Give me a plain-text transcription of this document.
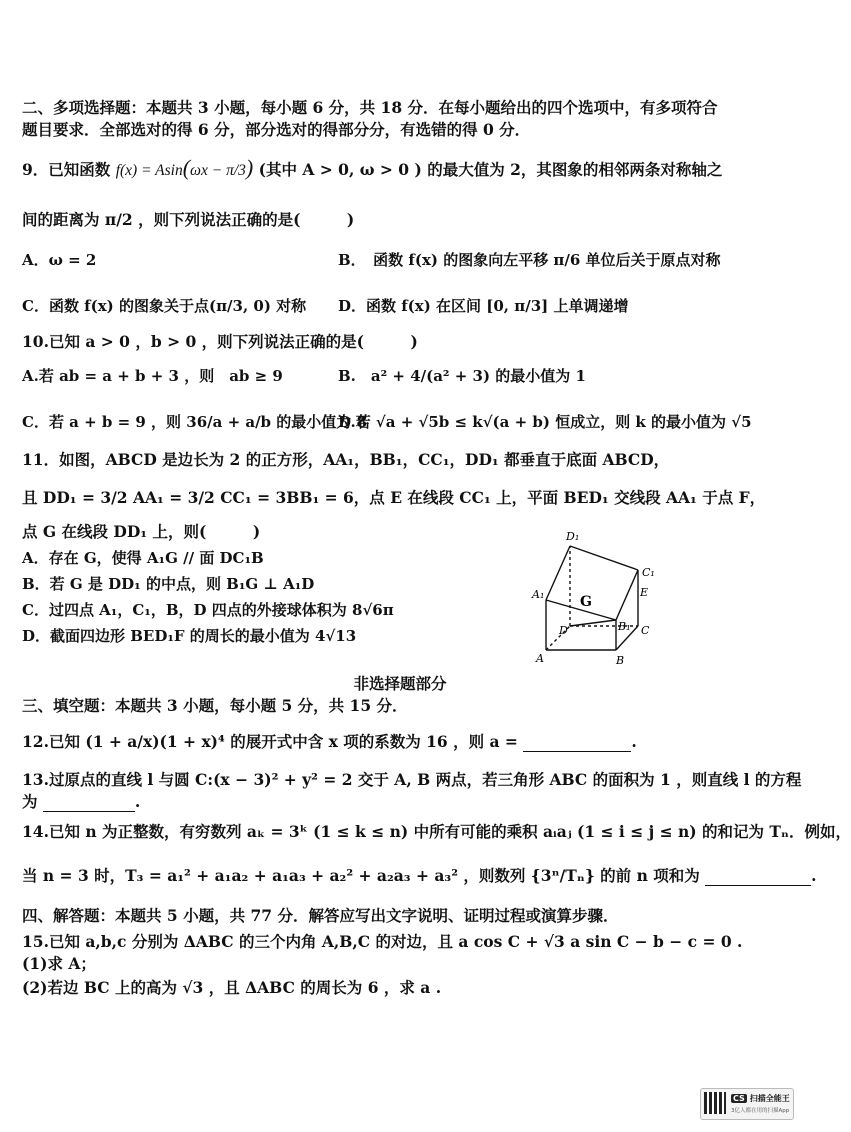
二、多项选择题：本题共 3 小题，每小题 6 分，共 18 分．在每小题给出的四个选项中，有多项符合
题目要求．全部选对的得 6 分，部分选对的得部分分，有选错的得 0 分．
9．已知函数 f(x) = Asin(ωx − π/3) (其中 A > 0, ω > 0 ) 的最大值为 2，其图象的相邻两条对称轴之
间的距离为 π/2 ，则下列说法正确的是(　　　)
A．ω = 2	B．　函数 f(x) 的图象向左平移 π/6 单位后关于原点对称
C．函数 f(x) 的图象关于点(π/3, 0) 对称 D．函数 f(x) 在区间 [0, π/3] 上单调递增
10.已知 a > 0 ，b > 0 ，则下列说法正确的是(　　　)
A.若 ab = a + b + 3 ，则　ab ≥ 9	B.　a² + 4/(a² + 3) 的最小值为 1
C．若 a + b = 9 ，则 36/a + a/b 的最小值为 8
D.若 √a + √5b ≤ k√(a + b) 恒成立，则 k 的最小值为 √5
11．如图，ABCD 是边长为 2 的正方形，AA₁，BB₁，CC₁，DD₁ 都垂直于底面 ABCD，
且 DD₁ = 3/2 AA₁ = 3/2 CC₁ = 3BB₁ = 6，点 E 在线段 CC₁ 上，平面 BED₁ 交线段 AA₁ 于点 F，
点 G 在线段 DD₁ 上，则(　　　)
A．存在 G，使得 A₁G // 面 DC₁B
B．若 G 是 DD₁ 的中点，则 B₁G ⊥ A₁D
C．过四点 A₁，C₁，B，D 四点的外接球体积为 8√6π
D．截面四边形 BED₁F 的周长的最小值为 4√13
D₁
C₁
A₁	G
E
D	B₁ C
A	B
非选择题部分
三、填空题：本题共 3 小题，每小题 5 分，共 15 分．
12.已知 (1 + a/x)(1 + x)⁴ 的展开式中含 x 项的系数为 16 ，则 a =	.
13.过原点的直线 l 与圆 C:(x − 3)² + y² = 2 交于 A, B 两点，若三角形 ABC 的面积为 1 ，则直线 l 的方程
为	.
14.已知 n 为正整数，有穷数列 aₖ = 3ᵏ (1 ≤ k ≤ n) 中所有可能的乘积 aᵢaⱼ (1 ≤ i ≤ j ≤ n) 的和记为 Tₙ．例如，
当 n = 3 时，T₃ = a₁² + a₁a₂ + a₁a₃ + a₂² + a₂a₃ + a₃² ，则数列 {3ⁿ/Tₙ} 的前 n 项和为	.
四、解答题：本题共 5 小题，共 77 分．解答应写出文字说明、证明过程或演算步骤．
15.已知 a,b,c 分别为 ΔABC 的三个内角 A,B,C 的对边，且 a cos C + √3 a sin C − b − c = 0 .
(1)求 A；
(2)若边 BC 上的高为 √3 ，且 ΔABC 的周长为 6 ，求 a .
CS 扫描全能王
3亿人都在用的扫描App
